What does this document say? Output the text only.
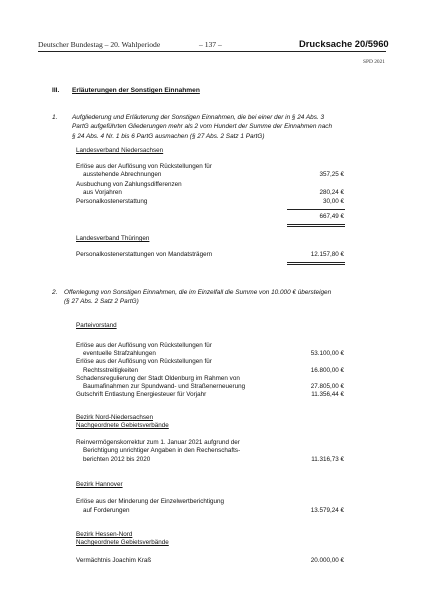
Deutscher Bundestag – 20. Wahlperiode	– 137 –	Drucksache 20/5960
SPD 2021
III. Erläuterungen der Sonstigen Einnahmen
1. Aufgliederung und Erläuterung der Sonstigen Einnahmen, die bei einer der in § 24 Abs. 3
PartG aufgeführten Gliederungen mehr als 2 vom Hundert der Summe der Einnahmen nach
§ 24 Abs. 4 Nr. 1 bis 6 PartG ausmachen (§ 27 Abs. 2 Satz 1 PartG)
Landesverband Niedersachsen
Erlöse aus der Auflösung von Rückstellungen für
ausstehende Abrechnungen	357,25 €
Ausbuchung von Zahlungsdifferenzen
aus Vorjahren	280,24 €
Personalkostenerstattung	30,00 €
667,49 €
Landesverband Thüringen
Personalkostenerstattungen von Mandatsträgern	12.157,80 €
2. Offenlegung von Sonstigen Einnahmen, die im Einzelfall die Summe von 10.000 € übersteigen
(§ 27 Abs. 2 Satz 2 PartG)
Parteivorstand
Erlöse aus der Auflösung von Rückstellungen für
eventuelle Strafzahlungen	53.100,00 €
Erlöse aus der Auflösung von Rückstellungen für
Rechtsstreitigkeiten	16.800,00 €
Schadensregulierung der Stadt Oldenburg im Rahmen von
Baumafinahmen zur Spundwand- und Straßenerneuerung	27.805,00 €
Gutschrift Entlastung Energiesteuer für Vorjahr	11.356,44 €
Bezirk Nord-Niedersachsen
Nachgeordnete Gebietsverbände
Reinvermögenskorrektur zum 1. Januar 2021 aufgrund der
Berichtigung unrichtiger Angaben in den Rechenschafts-
berichten 2012 bis 2020	11.316,73 €
Bezirk Hannover
Erlöse aus der Minderung der Einzelwertberichtigung
auf Forderungen	13.579,24 €
Bezirk Hessen-Nord
Nachgeordnete Gebietsverbände
Vermächtnis Joachim Kraß	20.000,00 €
